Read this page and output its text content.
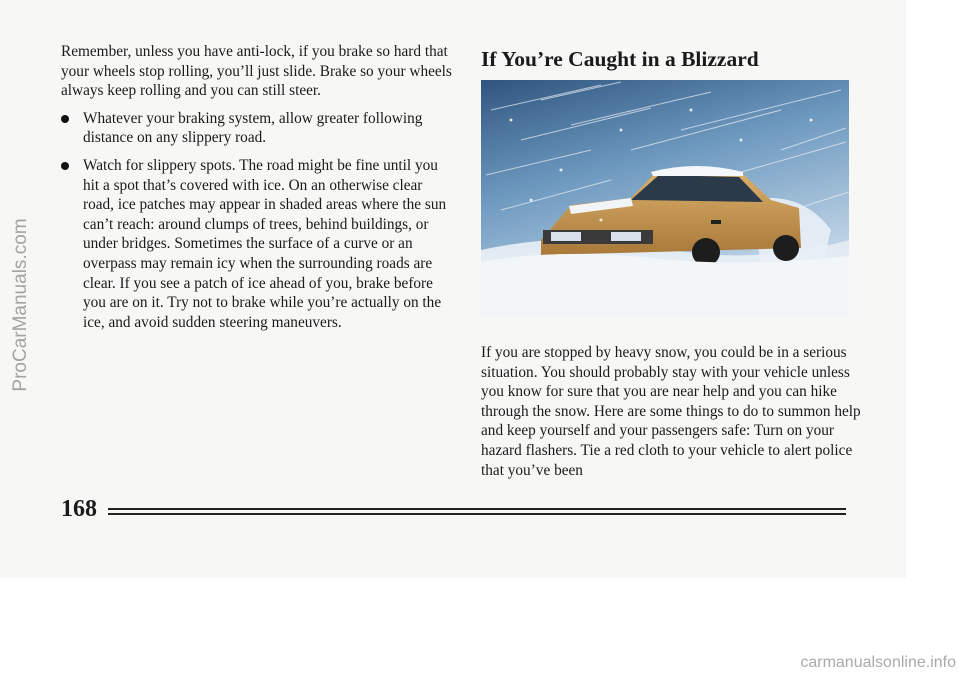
Remember, unless you have anti-lock, if you brake so hard that your wheels stop rolling, you’ll just slide. Brake so your wheels always keep rolling and you can still steer.

Whatever your braking system, allow greater following distance on any slippery road.
Watch for slippery spots. The road might be fine until you hit a spot that’s covered with ice. On an otherwise clear road, ice patches may appear in shaded areas where the sun can’t reach: around clumps of trees, behind buildings, or under bridges. Sometimes the surface of a curve or an overpass may remain icy when the surrounding roads are clear. If you see a patch of ice ahead of you, brake before you are on it. Try not to brake while you’re actually on the ice, and avoid sudden steering maneuvers.
If You’re Caught in a Blizzard

If you are stopped by heavy snow, you could be in a serious situation. You should probably stay with your vehicle unless you know for sure that you are near help and you can hike through the snow. Here are some things to do to summon help and keep yourself and your passengers safe: Turn on your hazard flashers. Tie a red cloth to your vehicle to alert police that you’ve been

168
ProCarManuals.com
carmanualsonline.info
